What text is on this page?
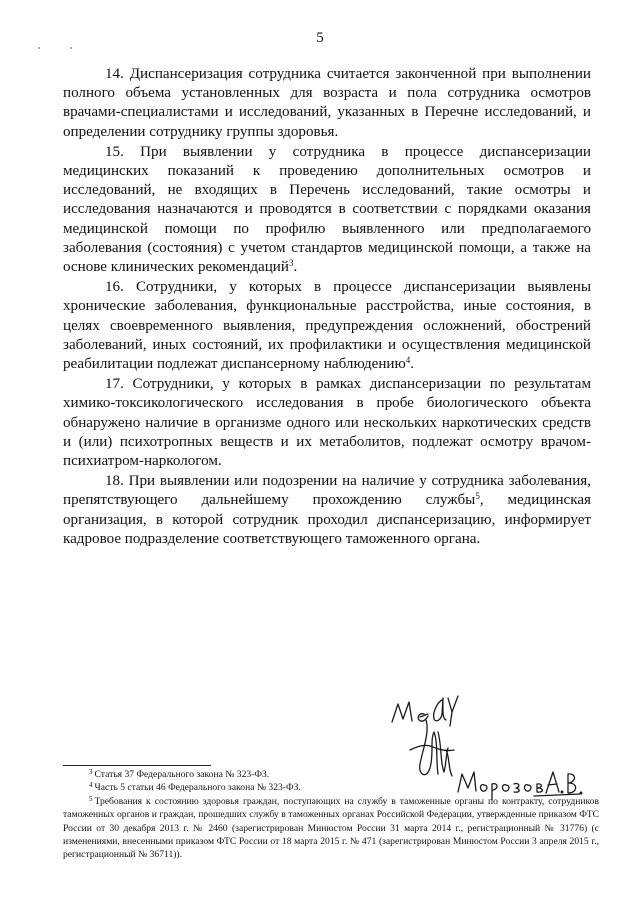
5

14. Диспансеризация сотрудника считается законченной при выполнении полного объема установленных для возраста и пола сотрудника осмотров врачами-специалистами и исследований, указанных в Перечне исследований, и определении сотруднику группы здоровья.

15. При выявлении у сотрудника в процессе диспансеризации медицинских показаний к проведению дополнительных осмотров и исследований, не входящих в Перечень исследований, такие осмотры и исследования назначаются и проводятся в соответствии с порядками оказания медицинской помощи по профилю выявленного или предполагаемого заболевания (состояния) с учетом стандартов медицинской помощи, а также на основе клинических рекомендаций$^3$.

16. Сотрудники, у которых в процессе диспансеризации выявлены хронические заболевания, функциональные расстройства, иные состояния, в целях своевременного выявления, предупреждения осложнений, обострений заболеваний, иных состояний, их профилактики и осуществления медицинской реабилитации подлежат диспансерному наблюдению$^4$.

17. Сотрудники, у которых в рамках диспансеризации по результатам химико-токсикологического исследования в пробе биологического объекта обнаружено наличие в организме одного или нескольких наркотических средств и (или) психотропных веществ и их метаболитов, подлежат осмотру врачом-психиатром-наркологом.

18. При выявлении или подозрении на наличие у сотрудника заболевания, препятствующего дальнейшему прохождению службы$^5$, медицинская организация, в которой сотрудник проходил диспансеризацию, информирует кадровое подразделение соответствующего таможенного органа.

$^3$ Статья 37 Федерального закона № 323-ФЗ.

$^4$ Часть 5 статьи 46 Федерального закона № 323-ФЗ.

$^5$ Требования к состоянию здоровья граждан, поступающих на службу в таможенные органы по контракту, сотрудников таможенных органов и граждан, прошедших службу в таможенных органах Российской Федерации, утвержденные приказом ФТС России от 30 декабря 2013 г. № 2460 (зарегистрирован Минюстом России 31 марта 2014 г., регистрационный № 31776) (с изменениями, внесенными приказом ФТС России от 18 марта 2015 г. № 471 (зарегистрирован Минюстом России 3 апреля 2015 г., регистрационный № 36711)).
